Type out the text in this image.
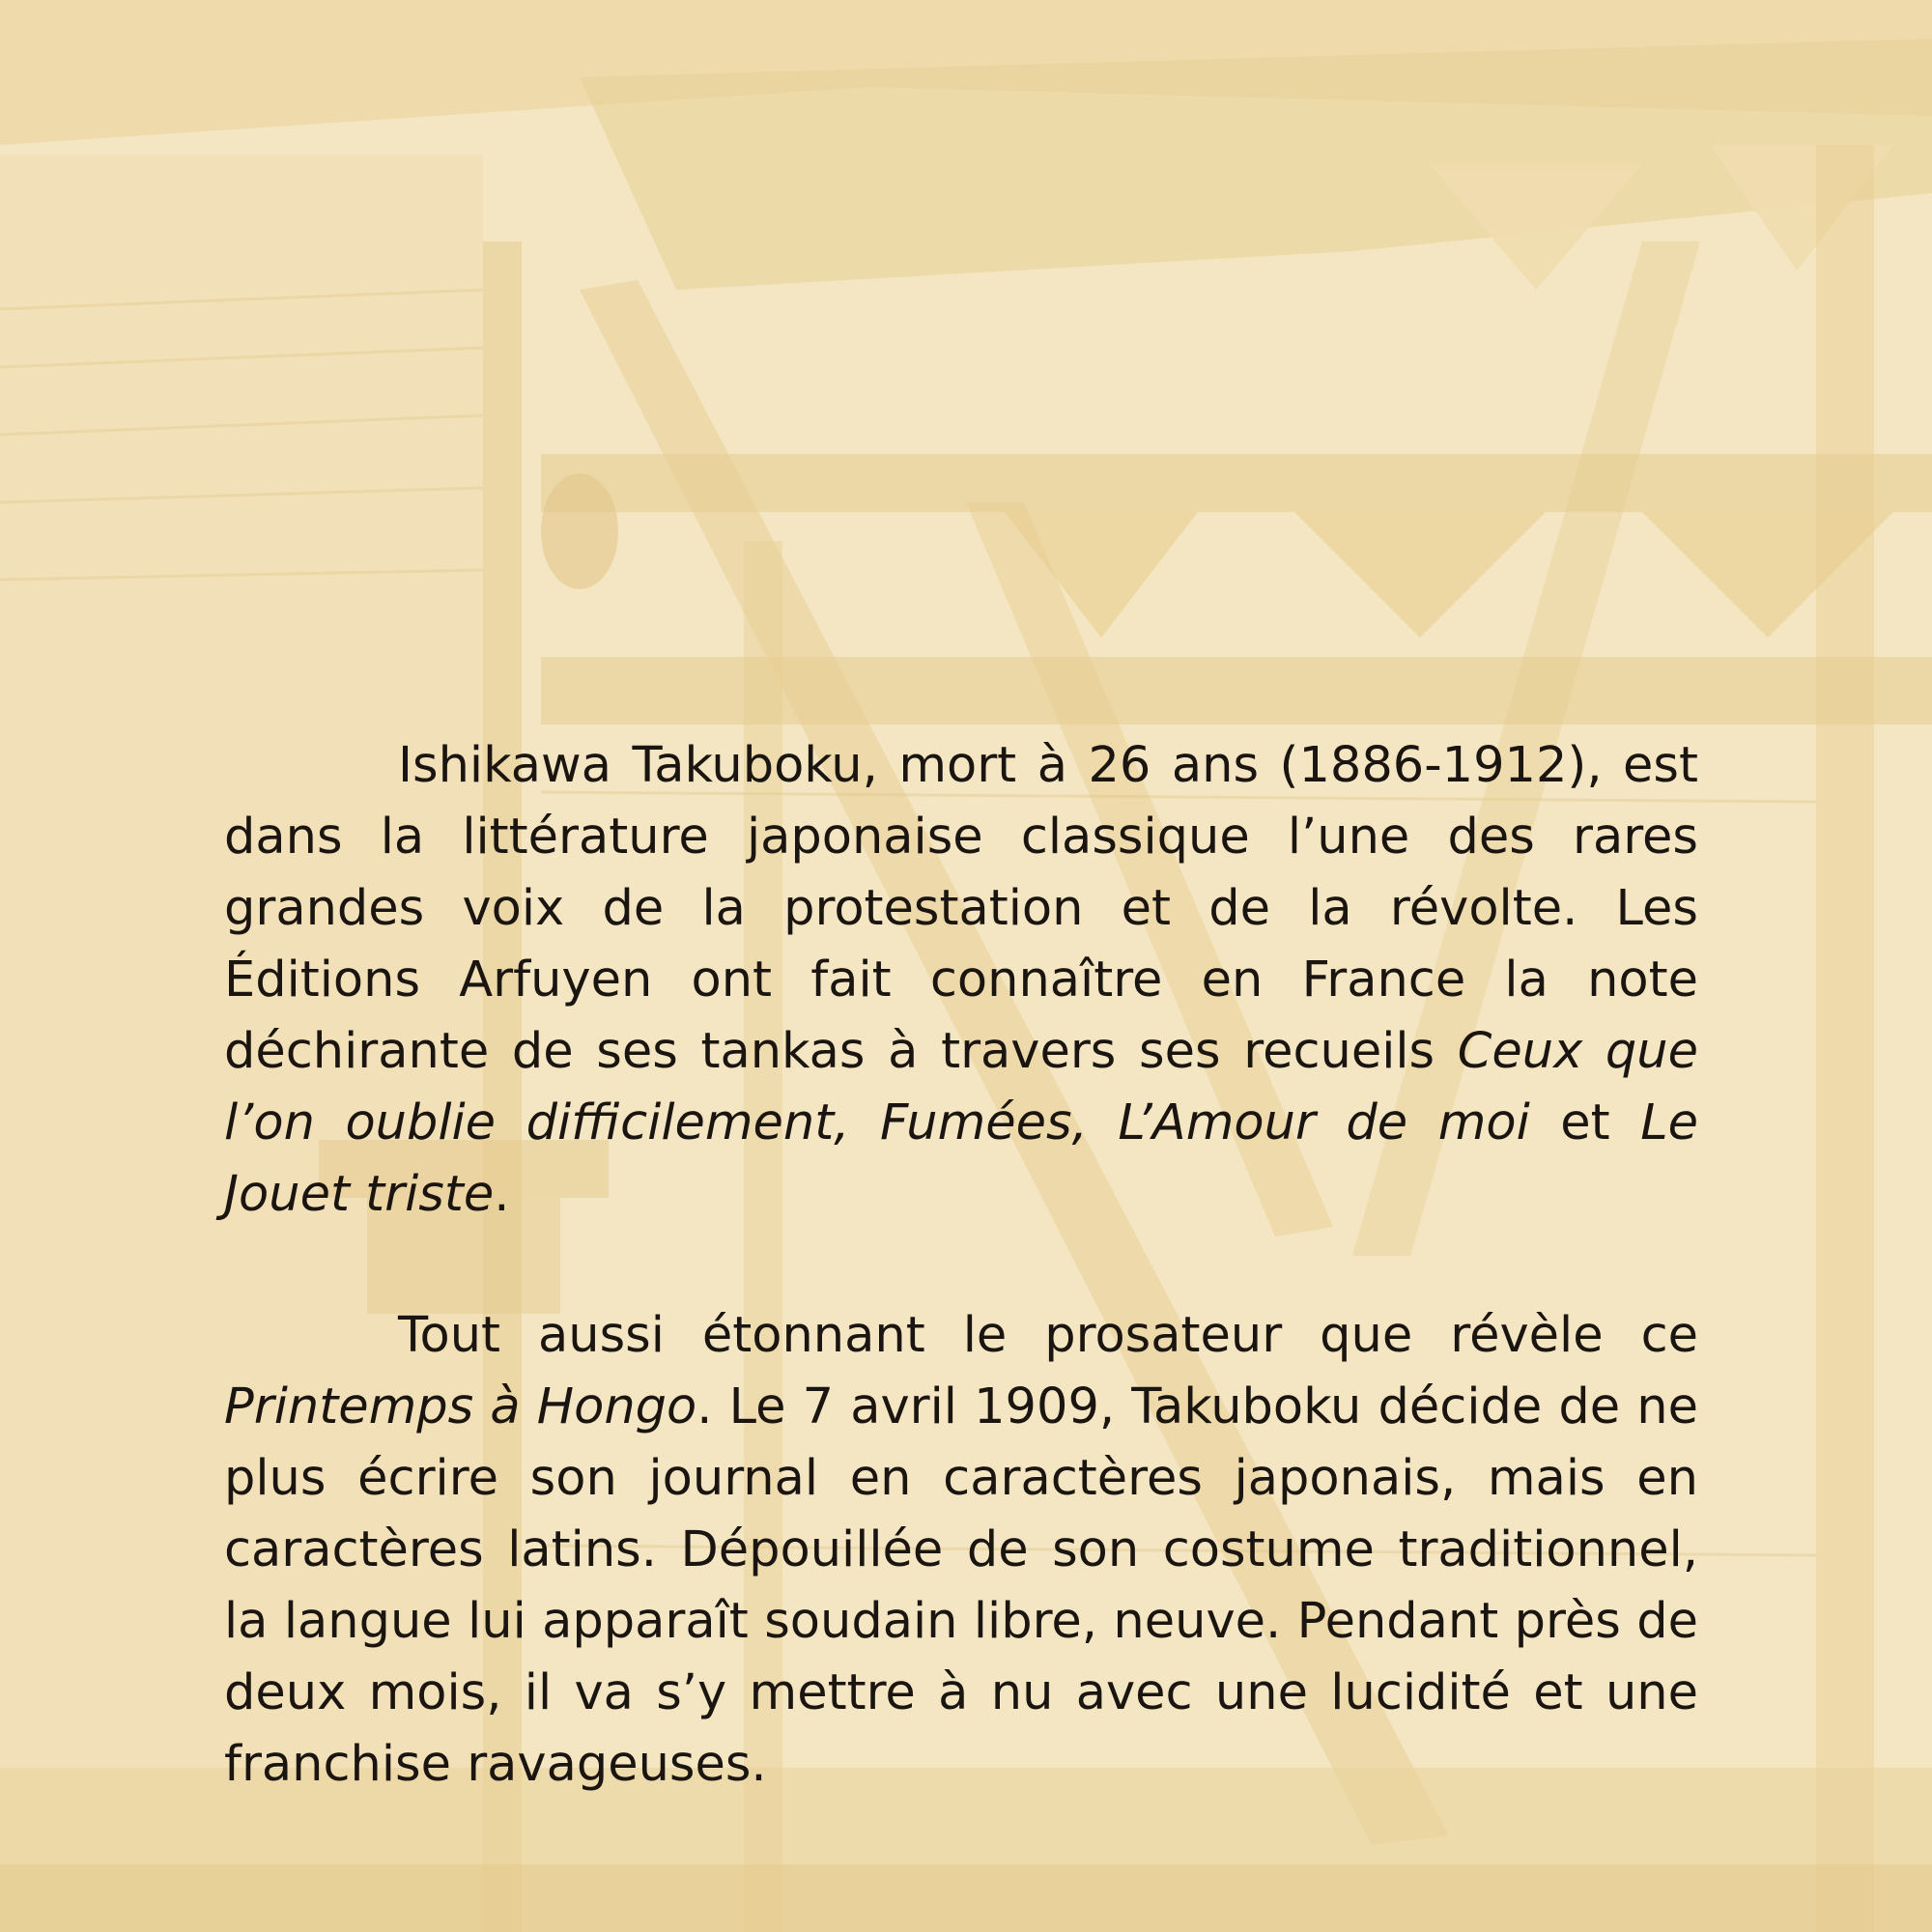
Ishikawa Takuboku, mort à 26 ans (1886-1912), est dans la littérature japonaise classique l’une des rares grandes voix de la protestation et de la révolte. Les Éditions Arfuyen ont fait connaître en France la note déchirante de ses tankas à travers ses recueils Ceux que l’on oublie difficilement, Fumées, L’Amour de moi et Le Jouet triste.

Tout aussi étonnant le prosateur que révèle ce Printemps à Hongo. Le 7 avril 1909, Takuboku décide de ne plus écrire son journal en caractères japonais, mais en caractères latins. Dépouillée de son costume traditionnel, la langue lui apparaît soudain libre, neuve. Pendant près de deux mois, il va s’y mettre à nu avec une lucidité et une franchise ravageuses.
